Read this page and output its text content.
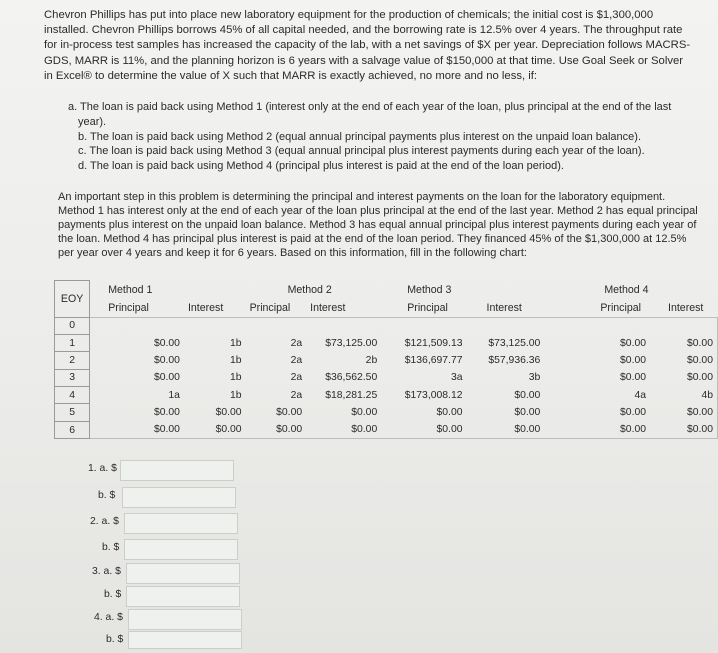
Chevron Phillips has put into place new laboratory equipment for the production of chemicals; the initial cost is $1,300,000 installed. Chevron Phillips borrows 45% of all capital needed, and the borrowing rate is 12.5% over 4 years. The throughput rate for in-process test samples has increased the capacity of the lab, with a net savings of $X per year. Depreciation follows MACRS-GDS, MARR is 11%, and the planning horizon is 6 years with a salvage value of $150,000 at that time. Use Goal Seek or Solver in Excel® to determine the value of X such that MARR is exactly achieved, no more and no less, if:
a. The loan is paid back using Method 1 (interest only at the end of each year of the loan, plus principal at the end of the last
year).
b. The loan is paid back using Method 2 (equal annual principal payments plus interest on the unpaid loan balance).
c. The loan is paid back using Method 3 (equal annual principal plus interest payments during each year of the loan).
d. The loan is paid back using Method 4 (principal plus interest is paid at the end of the loan period).
An important step in this problem is determining the principal and interest payments on the loan for the laboratory equipment. Method 1 has interest only at the end of each year of the loan plus principal at the end of the last year. Method 2 has equal principal payments plus interest on the unpaid loan balance. Method 3 has equal annual principal plus interest payments during each year of the loan. Method 4 has principal plus interest is paid at the end of the loan period. They financed 45% of the $1,300,000 at 12.5% per year over 4 years and keep it for 6 years. Based on this information, fill in the following chart:
EOY	Method 1		Method 2		Method 3		Method 4	
	Principal	Interest	Principal	Interest	Principal	Interest	Principal	Interest
0								
1	$0.00	1b	2a	$73,125.00	$121,509.13	$73,125.00	$0.00	$0.00
2	$0.00	1b	2a	2b	$136,697.77	$57,936.36	$0.00	$0.00
3	$0.00	1b	2a	$36,562.50	3a	3b	$0.00	$0.00
4	1a	1b	2a	$18,281.25	$173,008.12	$0.00	4a	4b
5	$0.00	$0.00	$0.00	$0.00	$0.00	$0.00	$0.00	$0.00
6	$0.00	$0.00	$0.00	$0.00	$0.00	$0.00	$0.00	$0.00
1. a. $
b. $
2. a. $
b. $
3. a. $
b. $
4. a. $
b. $
